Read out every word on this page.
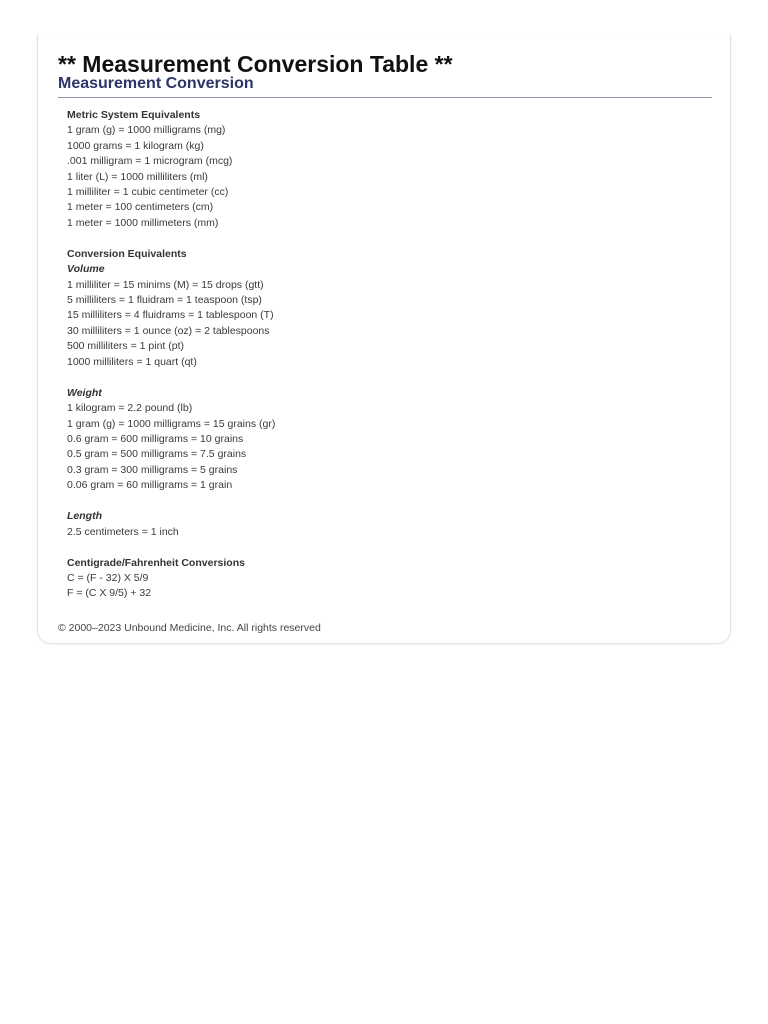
** Measurement Conversion Table **
Measurement Conversion
Metric System Equivalents
1 gram (g) = 1000 milligrams (mg)
1000 grams = 1 kilogram (kg)
.001 milligram = 1 microgram (mcg)
1 liter (L) = 1000 milliliters (ml)
1 milliliter = 1 cubic centimeter (cc)
1 meter = 100 centimeters (cm)
1 meter = 1000 millimeters (mm)
Conversion Equivalents
Volume
1 milliliter = 15 minims (M) = 15 drops (gtt)
5 milliliters = 1 fluidram = 1 teaspoon (tsp)
15 milliliters = 4 fluidrams = 1 tablespoon (T)
30 milliliters = 1 ounce (oz) = 2 tablespoons
500 milliliters = 1 pint (pt)
1000 milliliters = 1 quart (qt)
Weight
1 kilogram = 2.2 pound (lb)
1 gram (g) = 1000 milligrams = 15 grains (gr)
0.6 gram = 600 milligrams = 10 grains
0.5 gram = 500 milligrams = 7.5 grains
0.3 gram = 300 milligrams = 5 grains
0.06 gram = 60 milligrams = 1 grain
Length
2.5 centimeters = 1 inch
Centigrade/Fahrenheit Conversions
C = (F - 32) X 5/9
F = (C X 9/5) + 32
© 2000–2023 Unbound Medicine, Inc. All rights reserved
